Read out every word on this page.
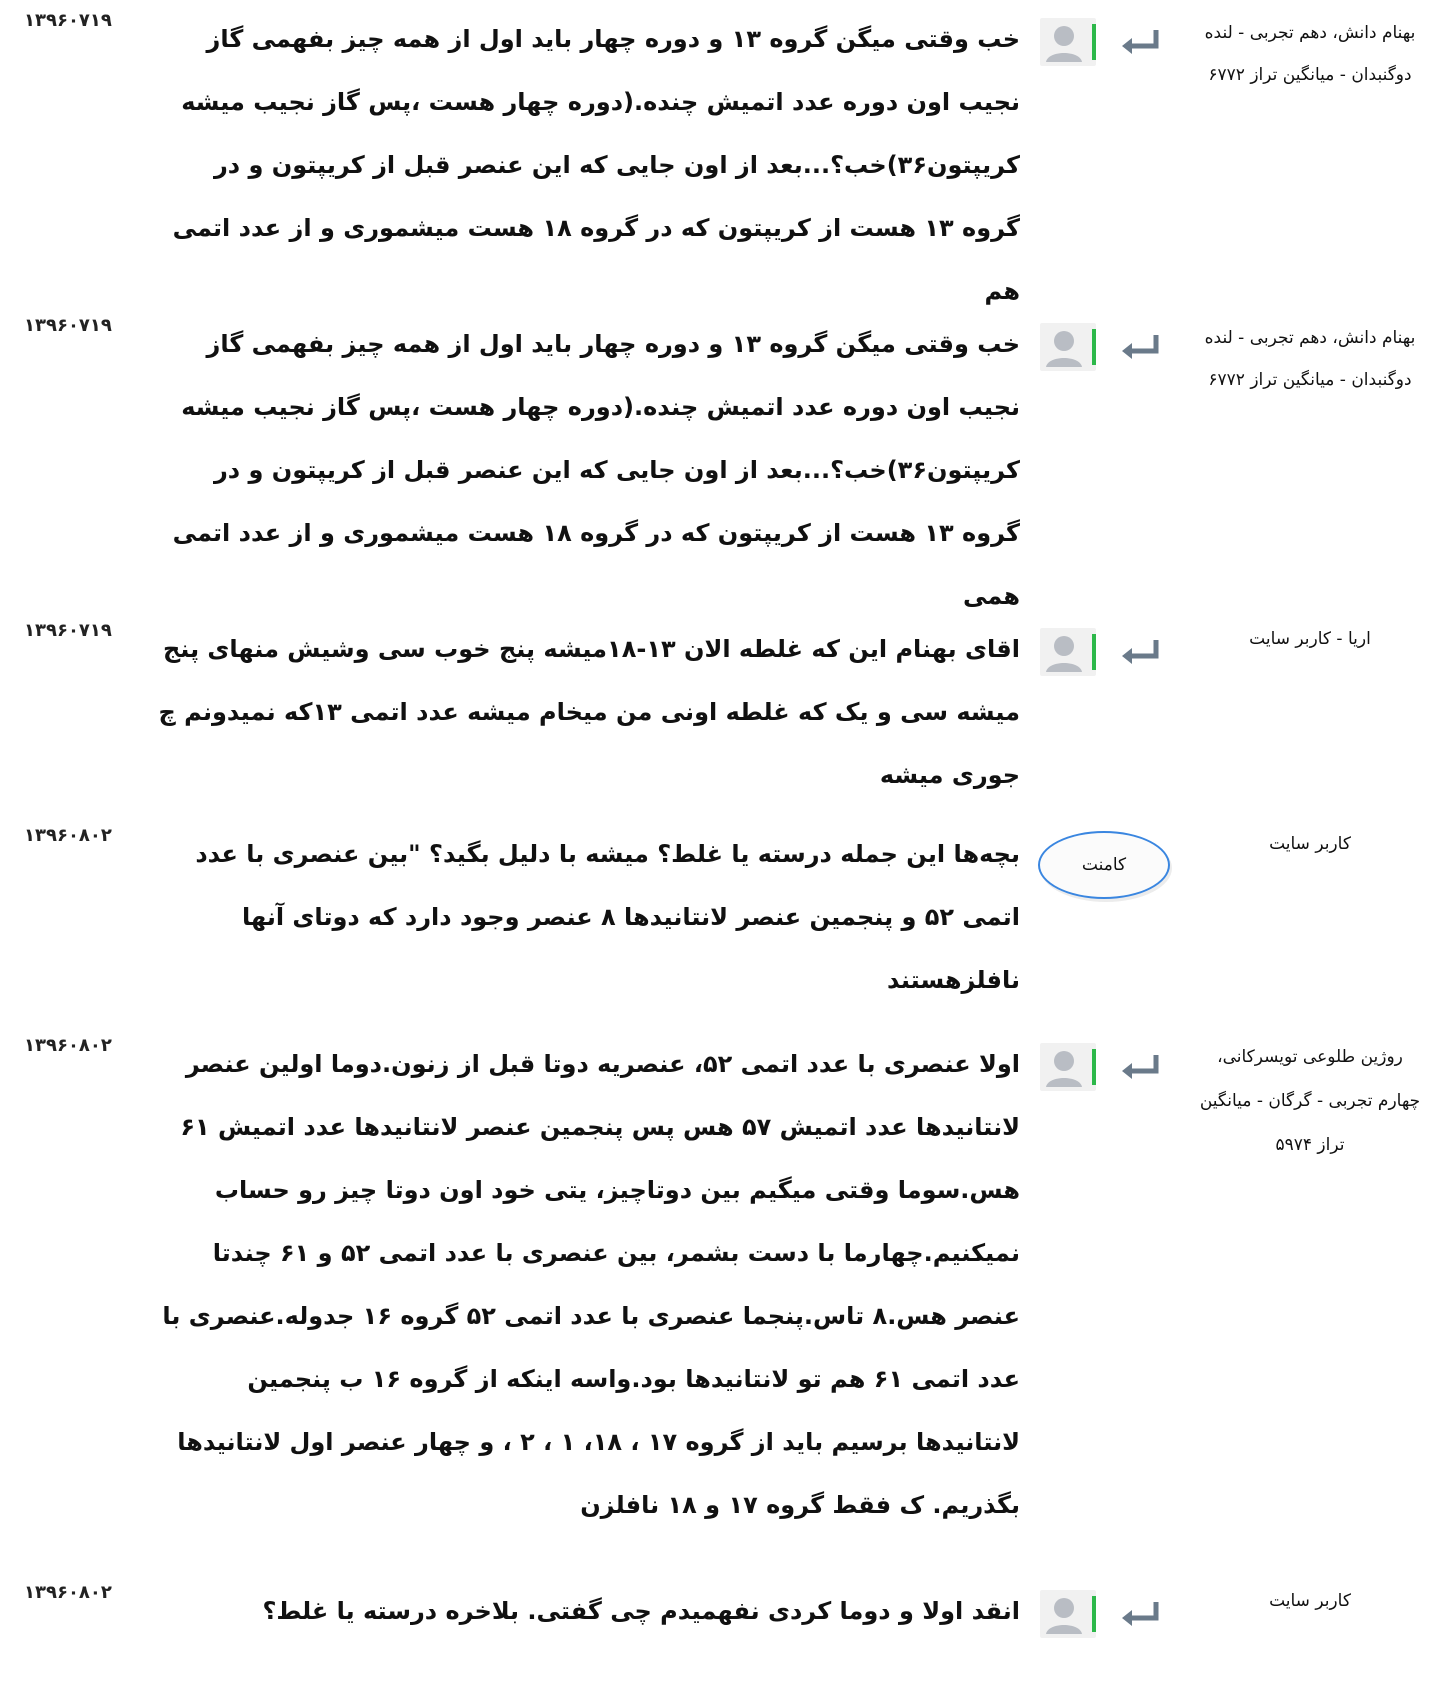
۱۳۹۶۰۷۱۹
خب وقتی میگن گروه ۱۳ و دوره چهار باید اول از همه چیز بفهمی گاز نجیب اون دوره عدد اتمیش چنده.(دوره چهار هست ،پس گاز نجیب میشه کریپتون۳۶)خب؟...بعد از اون جایی که این عنصر قبل از کریپتون و در گروه ۱۳ هست از کریپتون که در گروه ۱۸ هست میشموری و از عدد اتمی هم
بهنام دانش، دهم تجربی - لنده دوگنبدان - میانگین تراز ۶۷۷۲
۱۳۹۶۰۷۱۹
خب وقتی میگن گروه ۱۳ و دوره چهار باید اول از همه چیز بفهمی گاز نجیب اون دوره عدد اتمیش چنده.(دوره چهار هست ،پس گاز نجیب میشه کریپتون۳۶)خب؟...بعد از اون جایی که این عنصر قبل از کریپتون و در گروه ۱۳ هست از کریپتون که در گروه ۱۸ هست میشموری و از عدد اتمی همی
بهنام دانش، دهم تجربی - لنده دوگنبدان - میانگین تراز ۶۷۷۲
۱۳۹۶۰۷۱۹
اقای بهنام این که غلطه الان ۱۳-۱۸میشه پنج خوب سی وشیش منهای پنج میشه سی و یک که غلطه اونی من میخام میشه عدد اتمی ۱۳که نمیدونم چ جوری میشه
اریا - کاربر سایت
۱۳۹۶۰۸۰۲
بچه‌ها این جمله درسته یا غلط؟ میشه با دلیل بگید؟ "بین عنصری با عدد اتمی ۵۲ و پنجمین عنصر لانتانیدها ۸ عنصر وجود دارد که دوتای آنها نافلزهستند
کامنت
کاربر سایت
۱۳۹۶۰۸۰۲
اولا عنصری با عدد اتمی ۵۲، عنصریه دوتا قبل از زنون.دوما اولین عنصر لانتانیدها عدد اتمیش ۵۷ هس پس پنجمین عنصر لانتانیدها عدد اتمیش ۶۱ هس.سوما وقتی میگیم بین دوتاچیز، یتی خود اون دوتا چیز رو حساب نمیکنیم.چهارما با دست بشمر، بین عنصری با عدد اتمی ۵۲ و ۶۱ چندتا عنصر هس.۸ تاس.پنجما عنصری با عدد اتمی ۵۲ گروه ۱۶ جدوله.عنصری با عدد اتمی ۶۱ هم تو لانتانیدها بود.واسه اینکه از گروه ۱۶ ب پنجمین لانتانیدها برسیم باید از گروه ۱۷ ، ۱۸، ۱ ، ۲ ، و چهار عنصر اول لانتانیدها بگذریم. ک فقط گروه ۱۷ و ۱۸ نافلزن
روژین طلوعی تویسرکانی، چهارم تجربی - گرگان - میانگین تراز ۵۹۷۴
۱۳۹۶۰۸۰۲
انقد اولا و دوما کردی نفهمیدم چی گفتی. بلاخره درسته یا غلط؟	کاربر سایت
